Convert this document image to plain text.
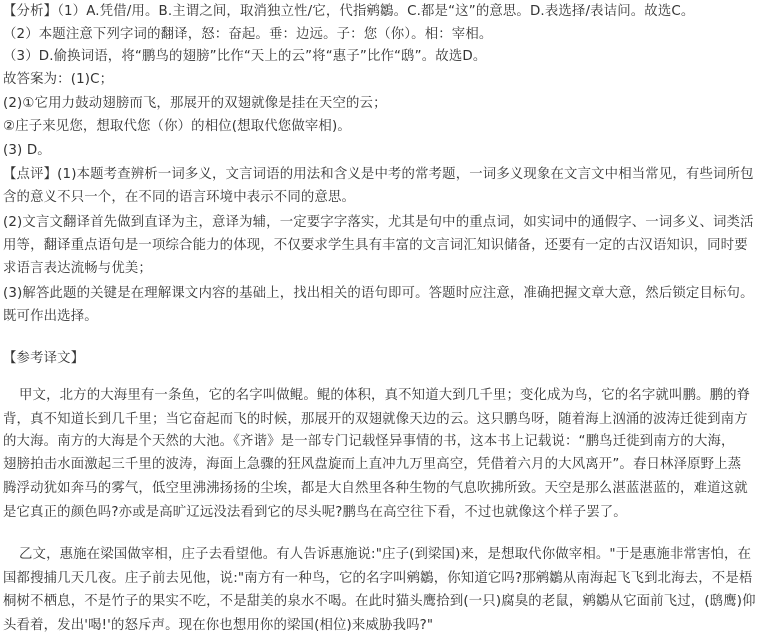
【分析】（1）A.凭借/用。B.主谓之间，取消独立性/它，代指鹓鶵。C.都是“这”的意思。D.表选择/表诘问。故选C。
（2）本题注意下列字词的翻译，怒：奋起。垂：边远。子：您（你）。相：宰相。
（3）D.偷换词语，将“鹏鸟的翅膀”比作“天上的云”将“惠子”比作“鸱”。故选D。
故答案为：(1)C；
(2)①它用力鼓动翅膀而飞，那展开的双翅就像是挂在天空的云；
②庄子来见您，想取代您（你）的相位(想取代您做宰相)。
(3) D。
【点评】(1)本题考查辨析一词多义，文言词语的用法和含义是中考的常考题，一词多义现象在文言文中相当常见，有些词所包
含的意义不只一个，在不同的语言环境中表示不同的意思。
(2)文言文翻译首先做到直译为主，意译为辅，一定要字字落实，尤其是句中的重点词，如实词中的通假字、一词多义、词类活
用等，翻译重点语句是一项综合能力的体现，不仅要求学生具有丰富的文言词汇知识储备，还要有一定的古汉语知识，同时要
求语言表达流畅与优美；
(3)解答此题的关键是在理解课文内容的基础上，找出相关的语句即可。答题时应注意，准确把握文章大意，然后锁定目标句。
既可作出选择。
【参考译文】
甲文，北方的大海里有一条鱼，它的名字叫做鲲。鲲的体积，真不知道大到几千里；变化成为鸟，它的名字就叫鹏。鹏的脊
背，真不知道长到几千里；当它奋起而飞的时候，那展开的双翅就像天边的云。这只鹏鸟呀，随着海上汹涌的波涛迁徙到南方
的大海。南方的大海是个天然的大池。《齐谐》是一部专门记载怪异事情的书，这本书上记载说：“鹏鸟迁徙到南方的大海，
翅膀拍击水面激起三千里的波涛，海面上急骤的狂风盘旋而上直冲九万里高空，凭借着六月的大风离开”。春日林泽原野上蒸
腾浮动犹如奔马的雾气，低空里沸沸扬扬的尘埃，都是大自然里各种生物的气息吹拂所致。天空是那么湛蓝湛蓝的，难道这就
是它真正的颜色吗?亦或是高旷辽远没法看到它的尽头呢?鹏鸟在高空往下看，不过也就像这个样子罢了。
乙文，惠施在梁国做宰相，庄子去看望他。有人告诉惠施说:"庄子(到梁国)来，是想取代你做宰相。"于是惠施非常害怕，在
国都搜捕几天几夜。庄子前去见他，说:"南方有一种鸟，它的名字叫鹓鶵，你知道它吗?那鹓鶵从南海起飞飞到北海去，不是梧
桐树不栖息，不是竹子的果实不吃，不是甜美的泉水不喝。在此时猫头鹰拾到(一只)腐臭的老鼠，鹓鶵从它面前飞过，(鸱鹰)仰
头看着，发出'喝!'的怒斥声。现在你也想用你的梁国(相位)来威胁我吗?"
